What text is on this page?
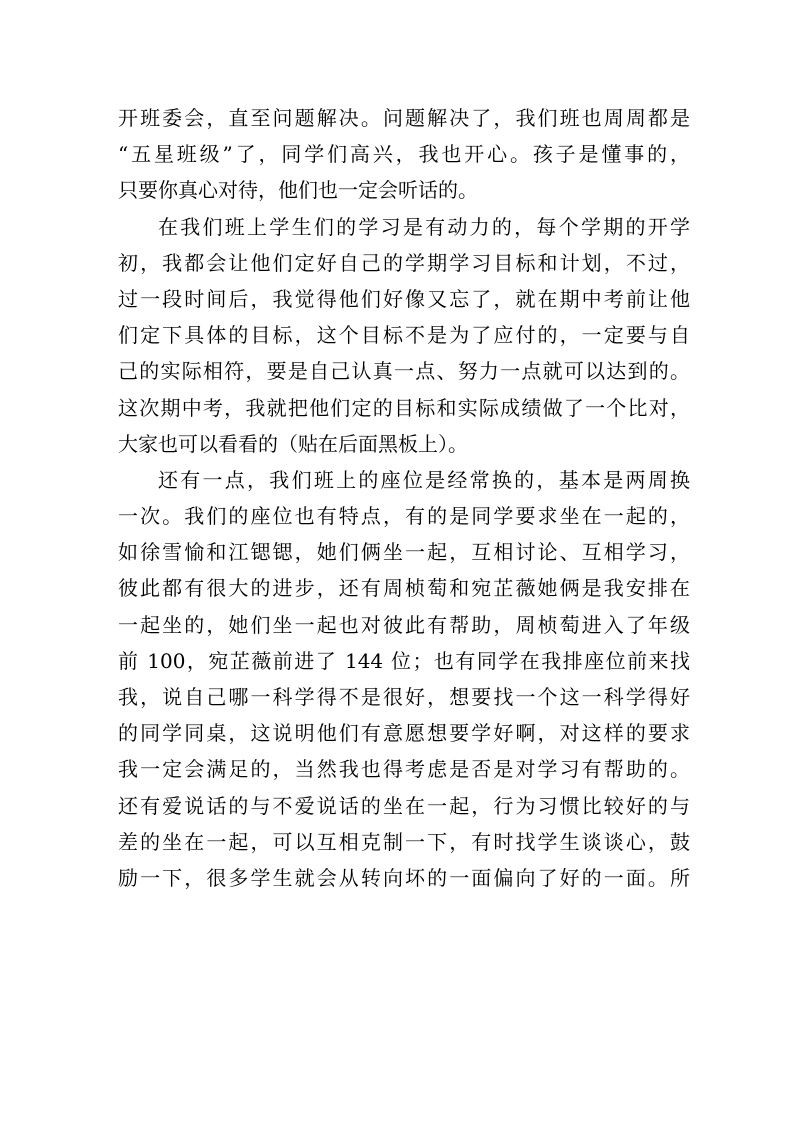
开班委会，直至问题解决。问题解决了，我们班也周周都是
“五星班级”了，同学们高兴，我也开心。孩子是懂事的，
只要你真心对待，他们也一定会听话的。
在我们班上学生们的学习是有动力的，每个学期的开学
初，我都会让他们定好自己的学期学习目标和计划，不过，
过一段时间后，我觉得他们好像又忘了，就在期中考前让他
们定下具体的目标，这个目标不是为了应付的，一定要与自
己的实际相符，要是自己认真一点、努力一点就可以达到的。
这次期中考，我就把他们定的目标和实际成绩做了一个比对，
大家也可以看看的（贴在后面黑板上）。
还有一点，我们班上的座位是经常换的，基本是两周换
一次。我们的座位也有特点，有的是同学要求坐在一起的，
如徐雪愉和江锶锶，她们俩坐一起，互相讨论、互相学习，
彼此都有很大的进步，还有周桢萄和宛芷薇她俩是我安排在
一起坐的，她们坐一起也对彼此有帮助，周桢萄进入了年级
前 100，宛芷薇前进了 144 位；也有同学在我排座位前来找
我，说自己哪一科学得不是很好，想要找一个这一科学得好
的同学同桌，这说明他们有意愿想要学好啊，对这样的要求
我一定会满足的，当然我也得考虑是否是对学习有帮助的。
还有爱说话的与不爱说话的坐在一起，行为习惯比较好的与
差的坐在一起，可以互相克制一下，有时找学生谈谈心，鼓
励一下，很多学生就会从转向坏的一面偏向了好的一面。所
